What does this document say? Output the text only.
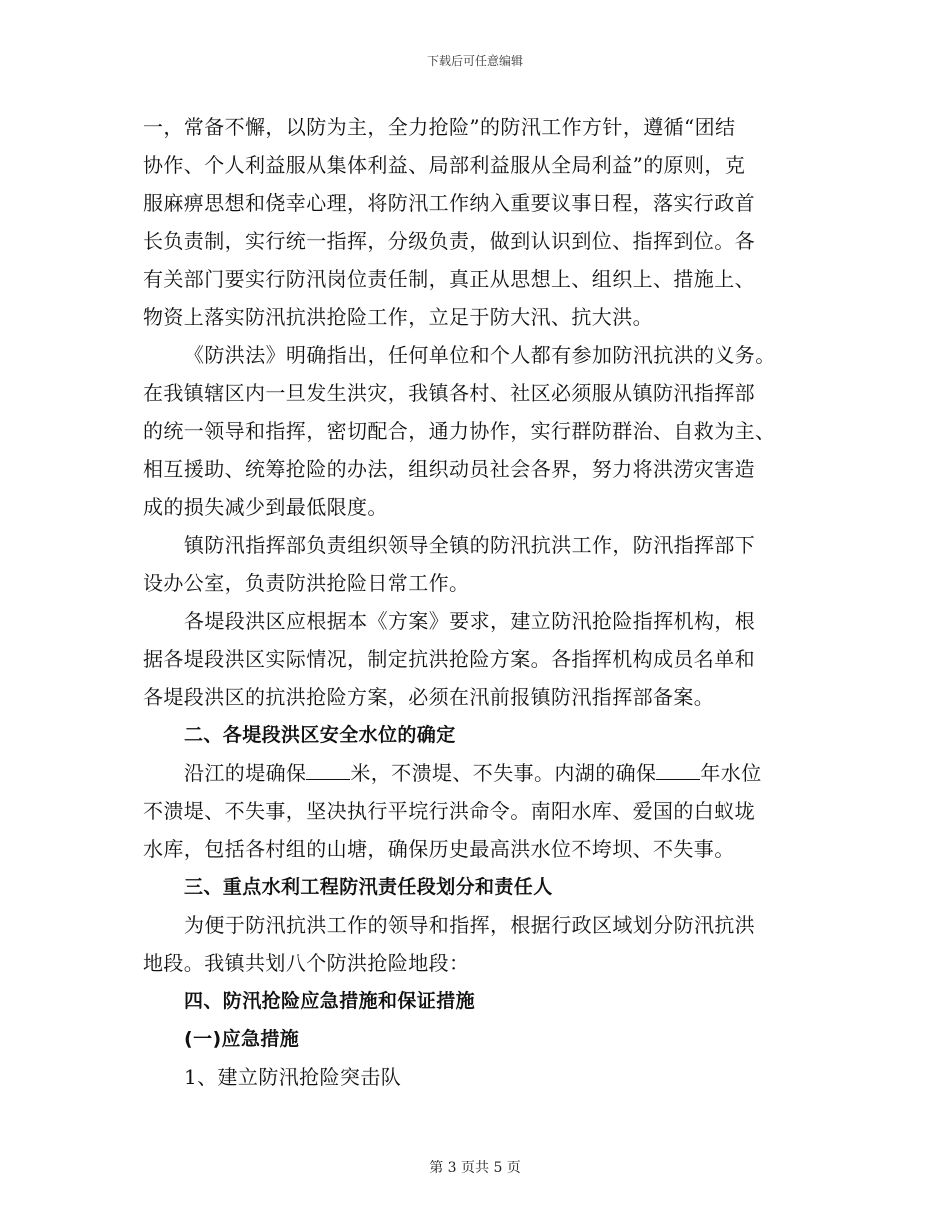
下载后可任意编辑
一，常备不懈，以防为主，全力抢险”的防汛工作方针，遵循“团结
协作、个人利益服从集体利益、局部利益服从全局利益”的原则，克
服麻痹思想和侥幸心理，将防汛工作纳入重要议事日程，落实行政首
长负责制，实行统一指挥，分级负责，做到认识到位、指挥到位。各
有关部门要实行防汛岗位责任制，真正从思想上、组织上、措施上、
物资上落实防汛抗洪抢险工作，立足于防大汛、抗大洪。
《防洪法》明确指出，任何单位和个人都有参加防汛抗洪的义务。
在我镇辖区内一旦发生洪灾，我镇各村、社区必须服从镇防汛指挥部
的统一领导和指挥，密切配合，通力协作，实行群防群治、自救为主、
相互援助、统筹抢险的办法，组织动员社会各界，努力将洪涝灾害造
成的损失减少到最低限度。
镇防汛指挥部负责组织领导全镇的防汛抗洪工作，防汛指挥部下
设办公室，负责防洪抢险日常工作。
各堤段洪区应根据本《方案》要求，建立防汛抢险指挥机构，根
据各堤段洪区实际情况，制定抗洪抢险方案。各指挥机构成员名单和
各堤段洪区的抗洪抢险方案，必须在汛前报镇防汛指挥部备案。
二、各堤段洪区安全水位的确定
沿江的堤确保 米，不溃堤、不失事。内湖的确保 年水位
不溃堤、不失事，坚决执行平垸行洪命令。南阳水库、爱国的白蚁垅
水库，包括各村组的山塘，确保历史最高洪水位不垮坝、不失事。
三、重点水利工程防汛责任段划分和责任人
为便于防汛抗洪工作的领导和指挥，根据行政区域划分防汛抗洪
地段。我镇共划八个防洪抢险地段：
四、防汛抢险应急措施和保证措施
(一)应急措施
1、建立防汛抢险突击队
第 3 页共 5 页
